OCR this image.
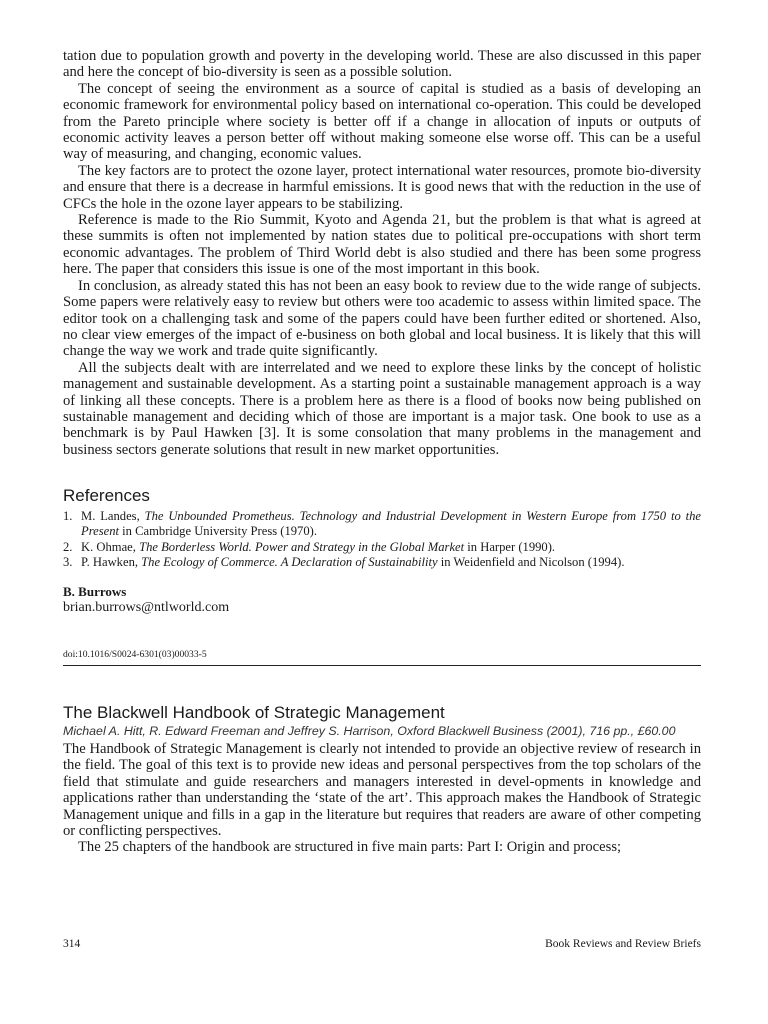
tation due to population growth and poverty in the developing world. These are also discussed in this paper and here the concept of bio-diversity is seen as a possible solution.

The concept of seeing the environment as a source of capital is studied as a basis of developing an economic framework for environmental policy based on international co-operation. This could be developed from the Pareto principle where society is better off if a change in allocation of inputs or outputs of economic activity leaves a person better off without making someone else worse off. This can be a useful way of measuring, and changing, economic values.

The key factors are to protect the ozone layer, protect international water resources, promote bio-diversity and ensure that there is a decrease in harmful emissions. It is good news that with the reduction in the use of CFCs the hole in the ozone layer appears to be stabilizing.

Reference is made to the Rio Summit, Kyoto and Agenda 21, but the problem is that what is agreed at these summits is often not implemented by nation states due to political pre-occupations with short term economic advantages. The problem of Third World debt is also studied and there has been some progress here. The paper that considers this issue is one of the most important in this book.

In conclusion, as already stated this has not been an easy book to review due to the wide range of subjects. Some papers were relatively easy to review but others were too academic to assess within limited space. The editor took on a challenging task and some of the papers could have been further edited or shortened. Also, no clear view emerges of the impact of e-business on both global and local business. It is likely that this will change the way we work and trade quite significantly.

All the subjects dealt with are interrelated and we need to explore these links by the concept of holistic management and sustainable development. As a starting point a sustainable management approach is a way of linking all these concepts. There is a problem here as there is a flood of books now being published on sustainable management and deciding which of those are important is a major task. One book to use as a benchmark is by Paul Hawken [3]. It is some consolation that many problems in the management and business sectors generate solutions that result in new market opportunities.

References
1. M. Landes, The Unbounded Prometheus. Technology and Industrial Development in Western Europe from 1750 to the Present in Cambridge University Press (1970).
2. K. Ohmae, The Borderless World. Power and Strategy in the Global Market in Harper (1990).
3. P. Hawken, The Ecology of Commerce. A Declaration of Sustainability in Weidenfield and Nicolson (1994).
B. Burrows
brian.burrows@ntlworld.com
doi:10.1016/S0024-6301(03)00033-5
The Blackwell Handbook of Strategic Management
Michael A. Hitt, R. Edward Freeman and Jeffrey S. Harrison, Oxford Blackwell Business (2001), 716 pp., £60.00

The Handbook of Strategic Management is clearly not intended to provide an objective review of research in the field. The goal of this text is to provide new ideas and personal perspectives from the top scholars of the field that stimulate and guide researchers and managers interested in devel-opments in knowledge and applications rather than understanding the ‘state of the art’. This approach makes the Handbook of Strategic Management unique and fills in a gap in the literature but requires that readers are aware of other competing or conflicting perspectives.

The 25 chapters of the handbook are structured in five main parts: Part I: Origin and process;

314	Book Reviews and Review Briefs
